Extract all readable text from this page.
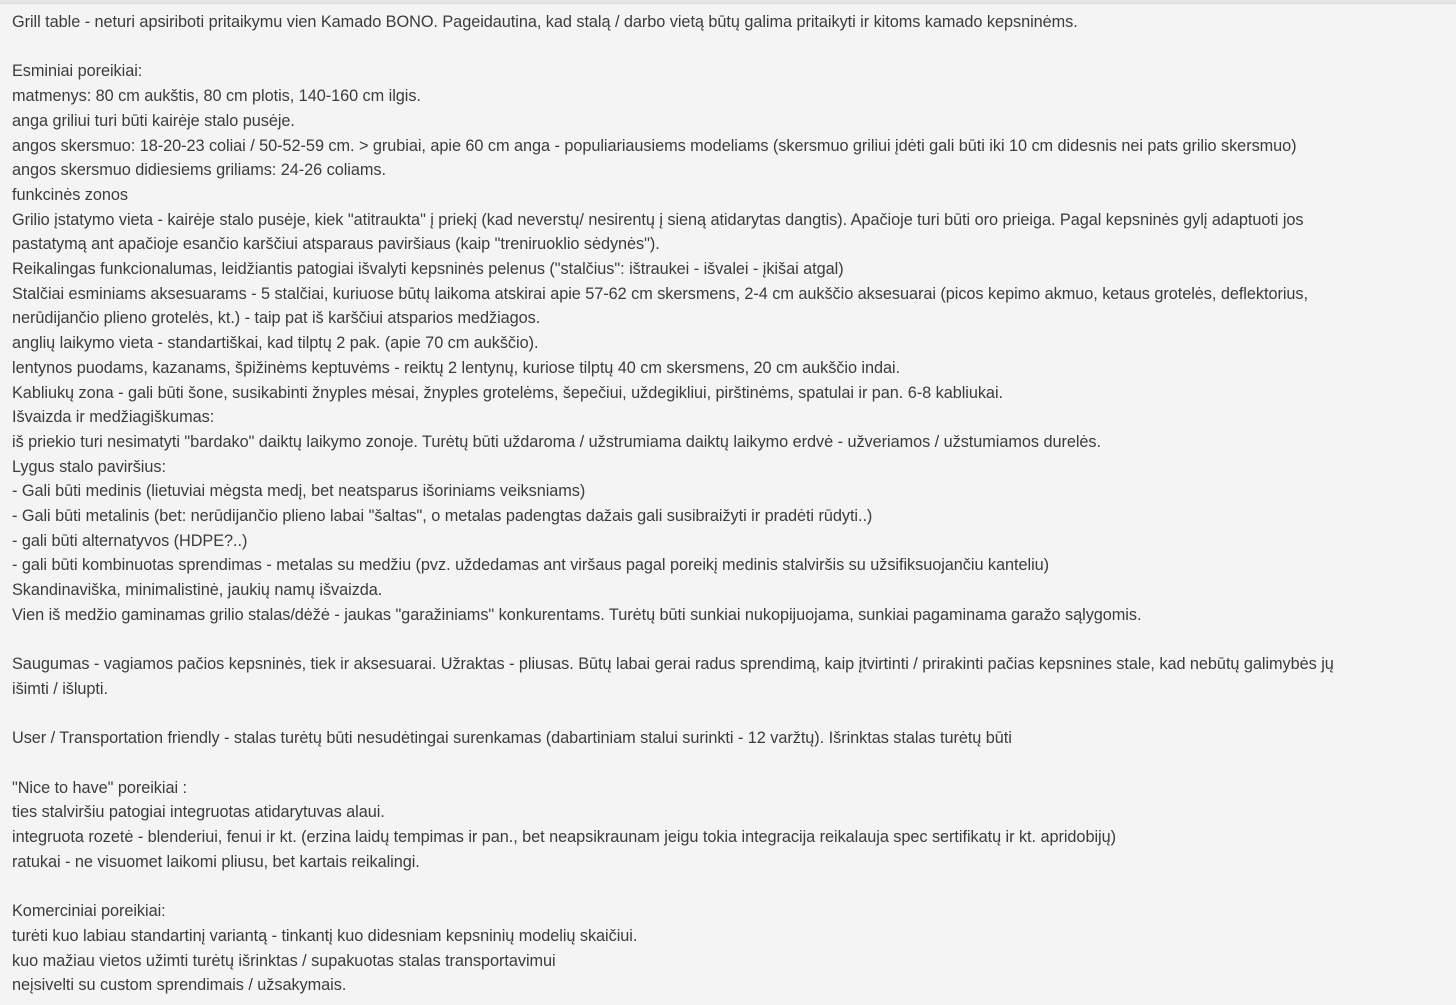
Grill table - neturi apsiriboti pritaikymu vien Kamado BONO. Pageidautina, kad stalą / darbo vietą būtų galima pritaikyti ir kitoms kamado kepsninėms.
Esminiai poreikiai:
matmenys: 80 cm aukštis, 80 cm plotis, 140-160 cm ilgis.
anga griliui turi būti kairėje stalo pusėje.
angos skersmuo: 18-20-23 coliai / 50-52-59 cm. > grubiai, apie 60 cm anga - populiariausiems modeliams (skersmuo griliui įdėti gali būti iki 10 cm didesnis nei pats grilio skersmuo)
angos skersmuo didiesiems griliams: 24-26 coliams.
funkcinės zonos
Grilio įstatymo vieta - kairėje stalo pusėje, kiek "atitraukta" į priekį (kad neverstų/ nesirentų į sieną atidarytas dangtis). Apačioje turi būti oro prieiga. Pagal kepsninės gylį adaptuoti jos
pastatymą ant apačioje esančio karščiui atsparaus paviršiaus (kaip "treniruoklio sėdynės").
Reikalingas funkcionalumas, leidžiantis patogiai išvalyti kepsninės pelenus ("stalčius": ištraukei - išvalei - įkišai atgal)
Stalčiai esminiams aksesuarams - 5 stalčiai, kuriuose būtų laikoma atskirai apie 57-62 cm skersmens, 2-4 cm aukščio aksesuarai (picos kepimo akmuo, ketaus grotelės, deflektorius,
nerūdijančio plieno grotelės, kt.) - taip pat iš karščiui atsparios medžiagos.
anglių laikymo vieta - standartiškai, kad tilptų 2 pak. (apie 70 cm aukščio).
lentynos puodams, kazanams, špižinėms keptuvėms - reiktų 2 lentynų, kuriose tilptų 40 cm skersmens, 20 cm aukščio indai.
Kabliukų zona - gali būti šone, susikabinti žnyples mėsai, žnyples grotelėms, šepečiui, uždegikliui, pirštinėms, spatulai ir pan. 6-8 kabliukai.
Išvaizda ir medžiagiškumas:
iš priekio turi nesimatyti "bardako" daiktų laikymo zonoje. Turėtų būti uždaroma / užstrumiama daiktų laikymo erdvė - užveriamos / užstumiamos durelės.
Lygus stalo paviršius:
- Gali būti medinis (lietuviai mėgsta medį, bet neatsparus išoriniams veiksniams)
- Gali būti metalinis (bet: nerūdijančio plieno labai "šaltas", o metalas padengtas dažais gali susibraižyti ir pradėti rūdyti..)
- gali būti alternatyvos (HDPE?..)
- gali būti kombinuotas sprendimas - metalas su medžiu (pvz. uždedamas ant viršaus pagal poreikį medinis stalviršis su užsifiksuojančiu kanteliu)
Skandinaviška, minimalistinė, jaukių namų išvaizda.
Vien iš medžio gaminamas grilio stalas/dėžė - jaukas "garažiniams" konkurentams. Turėtų būti sunkiai nukopijuojama, sunkiai pagaminama garažo sąlygomis.
Saugumas - vagiamos pačios kepsninės, tiek ir aksesuarai. Užraktas - pliusas. Būtų labai gerai radus sprendimą, kaip įtvirtinti / prirakinti pačias kepsnines stale, kad nebūtų galimybės jų
išimti / išlupti.
User / Transportation friendly - stalas turėtų būti nesudėtingai surenkamas (dabartiniam stalui surinkti - 12 varžtų). Išrinktas stalas turėtų būti
"Nice to have" poreikiai :
ties stalviršiu patogiai integruotas atidarytuvas alaui.
integruota rozetė - blenderiui, fenui ir kt. (erzina laidų tempimas ir pan., bet neapsikraunam jeigu tokia integracija reikalauja spec sertifikatų ir kt. apridobijų)
ratukai - ne visuomet laikomi pliusu, bet kartais reikalingi.
Komerciniai poreikiai:
turėti kuo labiau standartinį variantą - tinkantį kuo didesniam kepsninių modelių skaičiui.
kuo mažiau vietos užimti turėtų išrinktas / supakuotas stalas transportavimui
neįsivelti su custom sprendimais / užsakymais.
